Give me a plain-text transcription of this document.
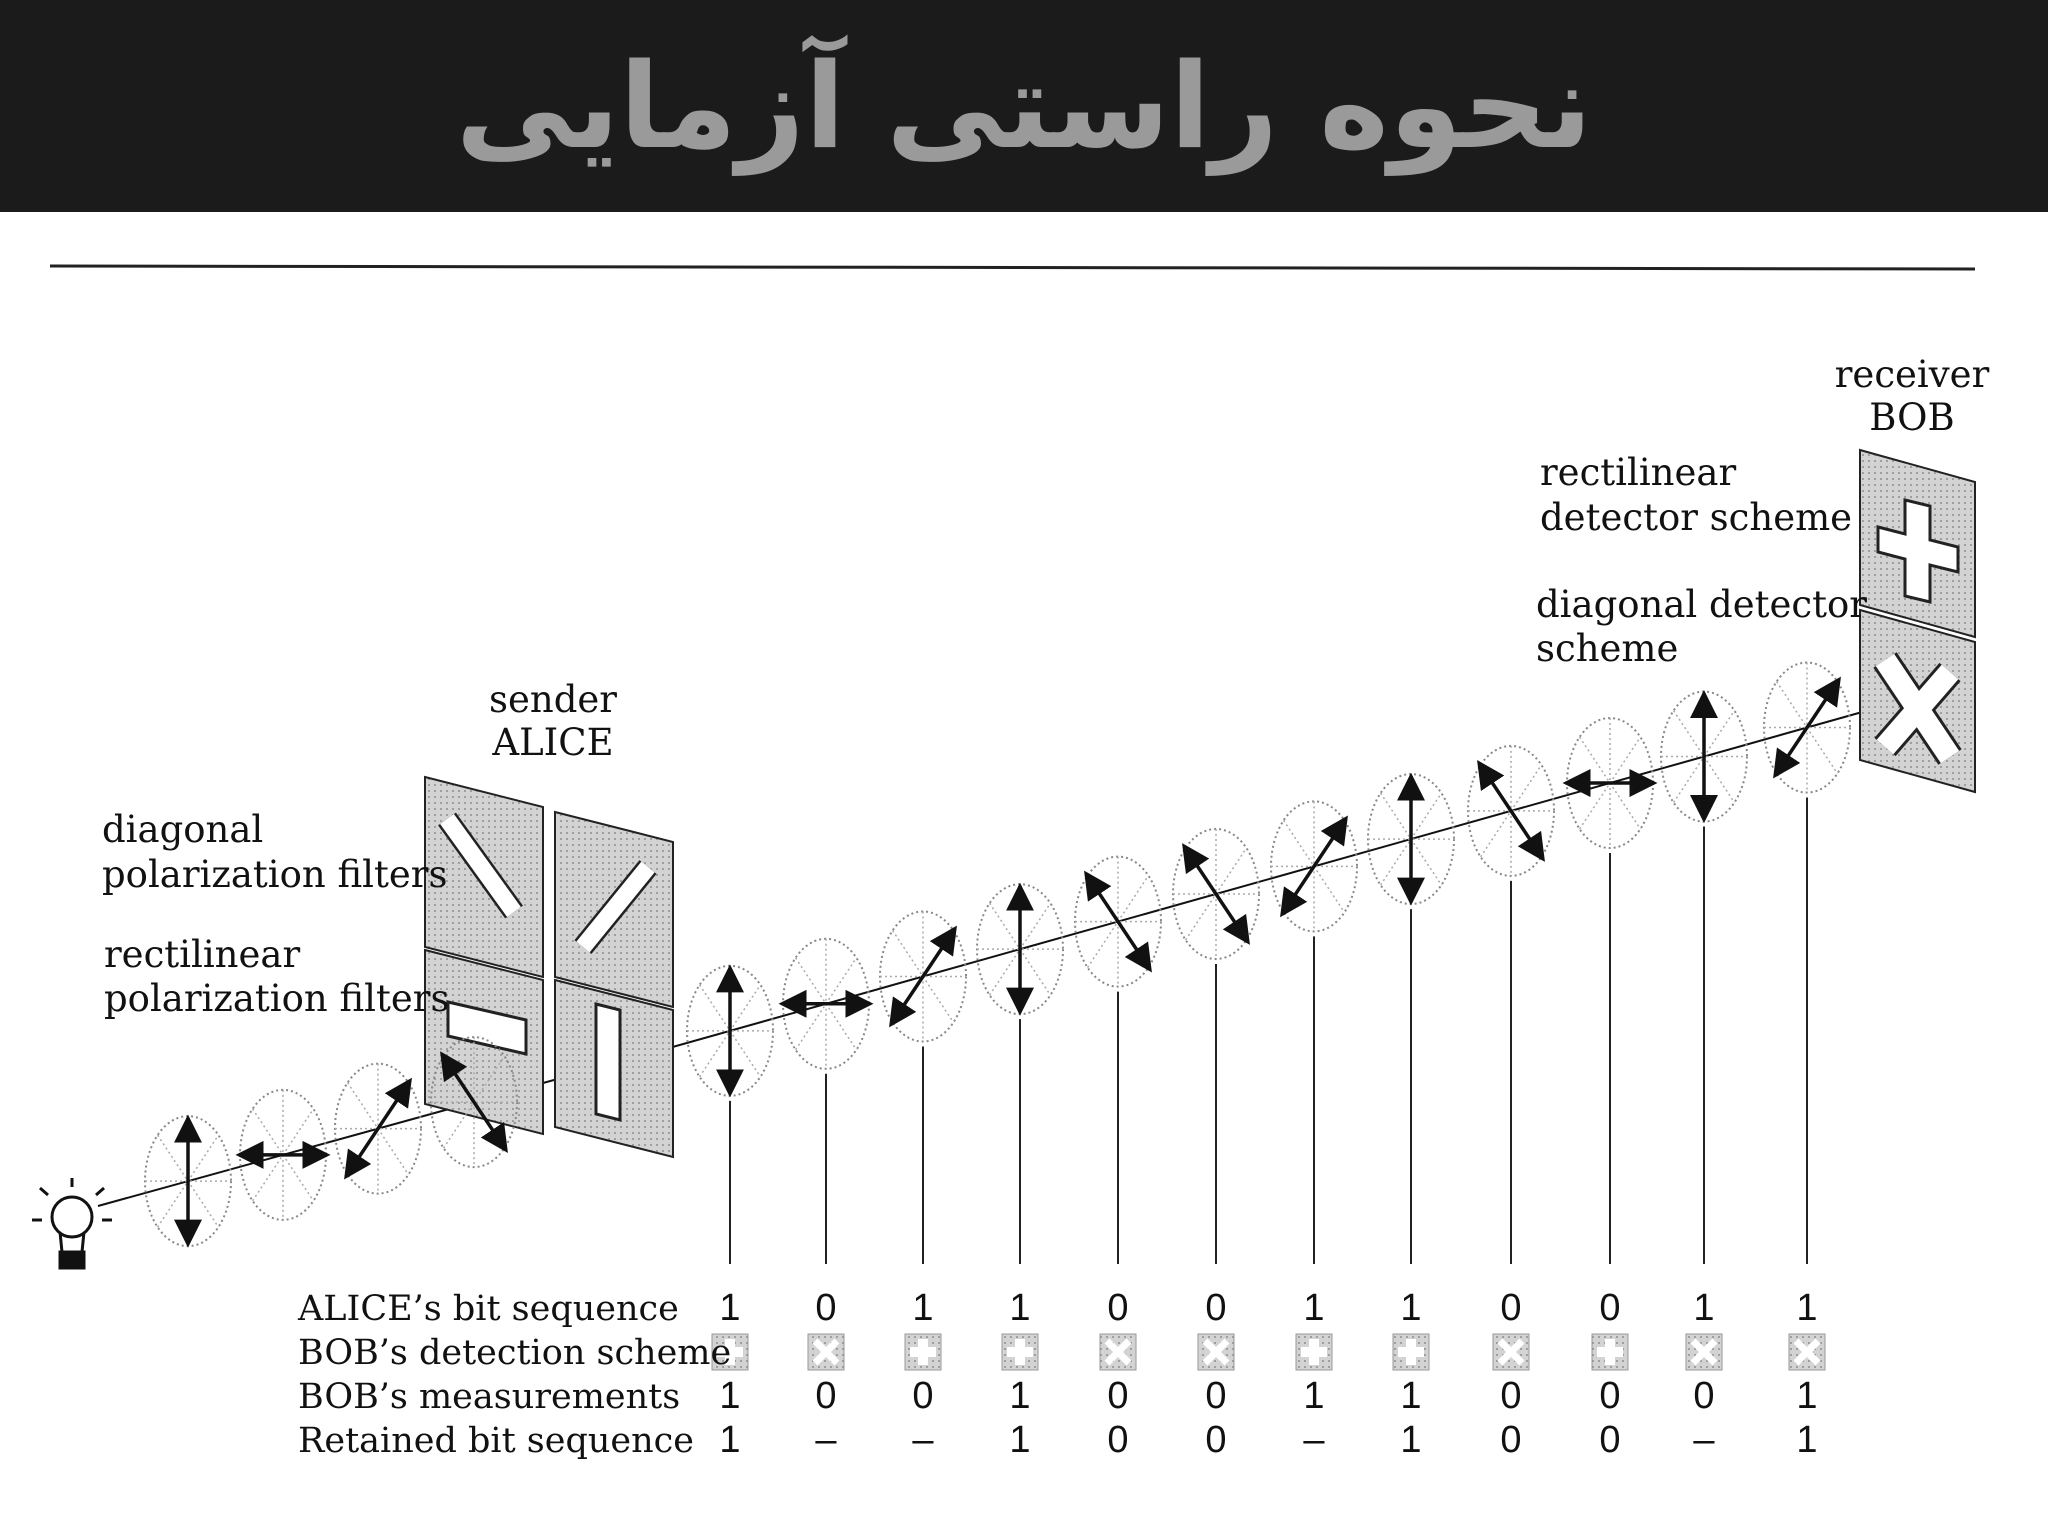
نحوه راستی آزمایی
1 0 1 1 0 0 1 1 0 0 1 1
1 0 0 1 0 0 1 1 0 0 0 1
1 – – 1 0 0 – 1 0 0 – 1
sender
ALICE
receiver
BOB
diagonal
polarization filters
rectilinear
polarization filters
rectilinear
detector scheme
diagonal detector
scheme
ALICE’s bit sequence
BOB’s detection scheme
BOB’s measurements
Retained bit sequence
